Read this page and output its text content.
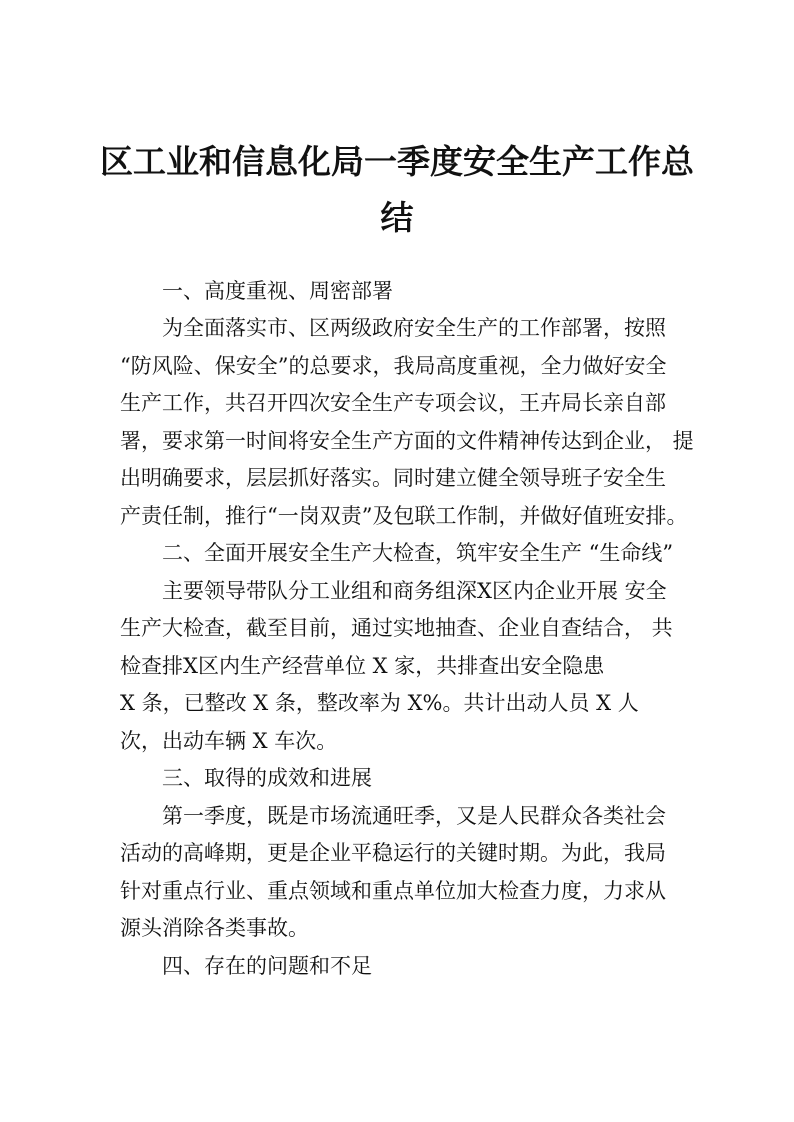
区工业和信息化局一季度安全生产工作总
结
一、高度重视、周密部署
为全面落实市、区两级政府安全生产的工作部署，按照
“防风险、保安全”的总要求，我局高度重视，全力做好安全
生产工作，共召开四次安全生产专项会议，王卉局长亲自部
署，要求第一时间将安全生产方面的文件精神传达到企业， 提
出明确要求，层层抓好落实。同时建立健全领导班子安全生
产责任制，推行“一岗双责”及包联工作制，并做好值班安排。
二、全面开展安全生产大检查，筑牢安全生产 “生命线”
主要领导带队分工业组和商务组深X区内企业开展 安全
生产大检查，截至目前，通过实地抽查、企业自查结合， 共
检查排X区内生产经营单位 X 家，共排查出安全隐患
X 条，已整改 X 条，整改率为 X%。共计出动人员 X 人
次，出动车辆 X 车次。
三、取得的成效和进展
第一季度，既是市场流通旺季，又是人民群众各类社会
活动的高峰期，更是企业平稳运行的关键时期。为此，我局
针对重点行业、重点领域和重点单位加大检查力度，力求从
源头消除各类事故。
四、存在的问题和不足
